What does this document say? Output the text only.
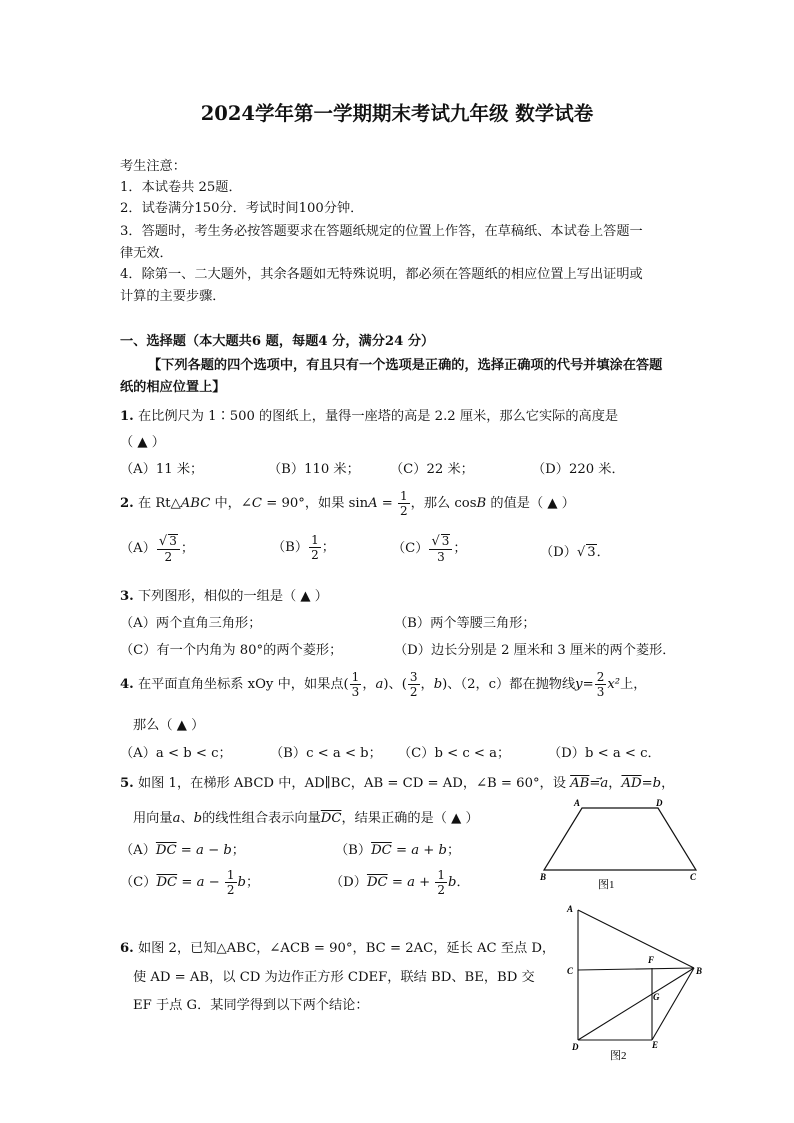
2024学年第一学期期末考试九年级 数学试卷
考生注意：
1．本试卷共 25题．
2．试卷满分150分．考试时间100分钟．
3．答题时，考生务必按答题要求在答题纸规定的位置上作答，在草稿纸、本试卷上答题一
律无效．
4．除第一、二大题外，其余各题如无特殊说明，都必须在答题纸的相应位置上写出证明或
计算的主要步骤．
一、选择题（本大题共6 题，每题4 分，满分24 分）
【下列各题的四个选项中，有且只有一个选项是正确的，选择正确项的代号并填涂在答题
纸的相应位置上】
1. 在比例尺为 1∶500 的图纸上，量得一座塔的高是 2.2 厘米，那么它实际的高度是
（ ▲ ）
（A）11 米；	（B）110 米； （C）22 米；	（D）220 米．
2. 在 Rt△ABC 中，∠C = 90°，如果 $\sin A = \frac{1}{2}$ ，那么 cosB 的值是（ ▲ ）
$(A) \frac{√ 3}{2}$ ；	$(B) \frac{1}{2}$ ；	$(C) \frac{√ 3}{3}$ ；	（D）√ 3．
3. 下列图形，相似的一组是（ ▲ ）
（A）两个直角三角形；	（B）两个等腰三角形；
（C）有一个内角为 80°的两个菱形；	（D）边长分别是 2 厘米和 3 厘米的两个菱形．
4. 在平面直角坐标系 xOy 中，如果点( $\frac{1}{3}$ ，a)、( $\frac{3}{2}$ ，b)、（2，c）都在抛物线$y= \frac{2}{3} x^2$上，
那么（ ▲ ）
（A）a < b < c；	（B）c < a < b； （C）b < c < a；	（D）b < a < c．
5. 如图 1，在梯形 ABCD 中，AD∥BC，AB = CD = AD，∠B = 60°，设 $\overline{AB}=a$，$\overline{AD}=b$，
用向量a、b的线性组合表示向量$\overline{DC}$，结果正确的是（ ▲ ）
$(A)\overline{DC} = a - b$；	$(B)\overline{DC} = a + b$；
$(C)\overline{DC} = a - \frac{1}{2}$ b；	$(D)\overline{DC} = a + \frac{1}{2}$ b．
A	D
B	C
图1
6. 如图 2，已知△ABC，∠ACB = 90°，BC = 2AC，延长 AC 至点 D，
使 AD = AB，以 CD 为边作正方形 CDEF，联结 BD、BE，BD 交
EF 于点 G．某同学得到以下两个结论：
A
C
F
B
G
D	E
图2
